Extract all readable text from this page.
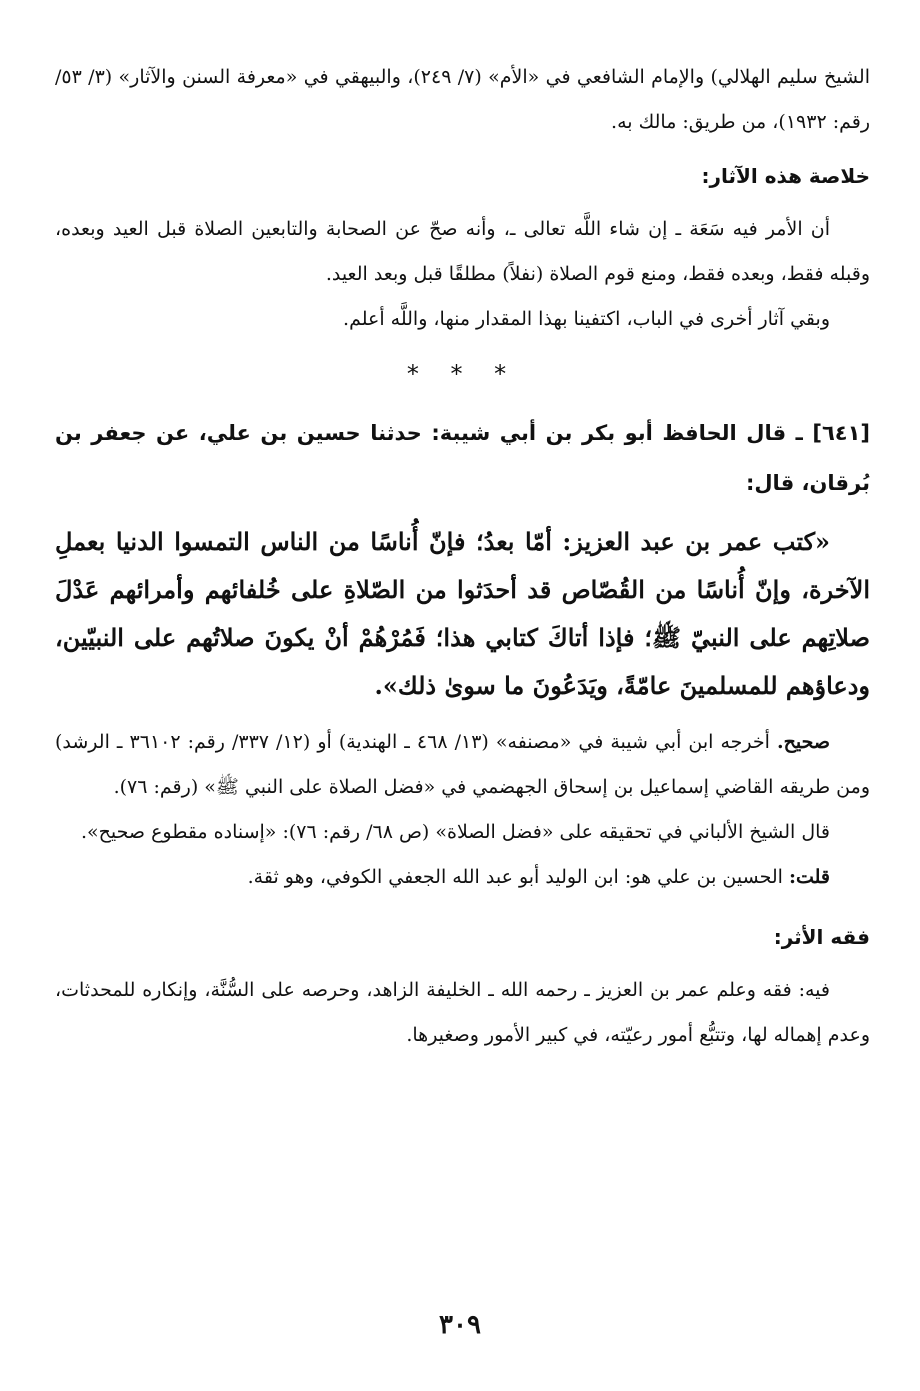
الشيخ سليم الهلالي) والإمام الشافعي في «الأم» (٧/ ٢٤٩)، والبيهقي في «معرفة السنن والآثار» (٣/ ٥٣/ رقم: ١٩٣٢)، من طريق: مالك به.

خلاصة هذه الآثار:

أن الأمر فيه سَعَة ـ إن شاء اللَّه تعالى ـ، وأنه صحّ عن الصحابة والتابعين الصلاة قبل العيد وبعده، وقبله فقط، وبعده فقط، ومنع قوم الصلاة (نفلاً) مطلقًا قبل وبعد العيد.

وبقي آثار أخرى في الباب، اكتفينا بهذا المقدار منها، واللَّه أعلم.

* * *

[٦٤١] ـ قال الحافظ أبو بكر بن أبي شيبة: حدثنا حسين بن علي، عن جعفر بن بُرقان، قال:

«كتب عمر بن عبد العزيز: أمّا بعدُ؛ فإنّ أُناسًا من الناس التمسوا الدنيا بعملِ الآخرة، وإنّ أُناسًا من القُصّاص قد أحدَثوا من الصّلاةِ على خُلفائهم وأمرائهم عَدْلَ صلاتِهم على النبيّ ﷺ؛ فإذا أتاكَ كتابي هذا؛ فَمُرْهُمْ أنْ يكونَ صلاتُهم على النبيّين، ودعاؤهم للمسلمينَ عامّةً، ويَدَعُونَ ما سوىٰ ذلك».

صحيح. أخرجه ابن أبي شيبة في «مصنفه» (١٣/ ٤٦٨ ـ الهندية) أو (١٢/ ٣٣٧/ رقم: ٣٦١٠٢ ـ الرشد) ومن طريقه القاضي إسماعيل بن إسحاق الجهضمي في «فضل الصلاة على النبي ﷺ» (رقم: ٧٦).

قال الشيخ الألباني في تحقيقه على «فضل الصلاة» (ص ٦٨/ رقم: ٧٦): «إسناده مقطوع صحيح».

قلت: الحسين بن علي هو: ابن الوليد أبو عبد الله الجعفي الكوفي، وهو ثقة.

فقه الأثر:

فيه: فقه وعلم عمر بن العزيز ـ رحمه الله ـ الخليفة الزاهد، وحرصه على السُّنَّة، وإنكاره للمحدثات، وعدم إهماله لها، وتتبُّع أمور رعيّته، في كبير الأمور وصغيرها.

٣٠٩
